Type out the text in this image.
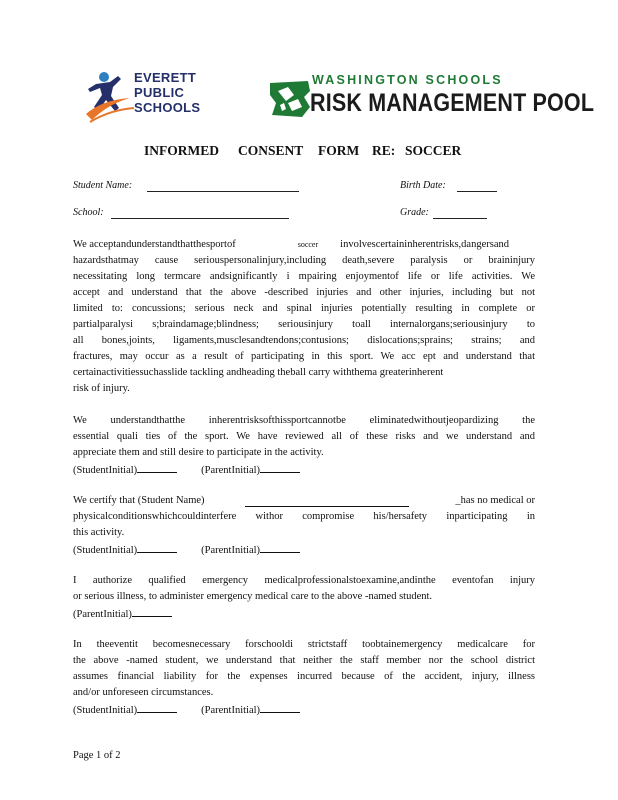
EVERETT
PUBLIC
SCHOOLS
WASHINGTON SCHOOLS
RISK MANAGEMENT POOL
INFORMED CONSENT FORM RE: SOCCER
Student Name:	Birth Date:
School:	Grade:

We acceptandunderstandthatthesportof	soccer involvescertaininherentrisks,dangersand

hazardsthatmay cause seriouspersonalinjury,including death,severe paralysis or braininjury

necessitating long termcare andsignificantly i mpairing enjoymentof life or life activities. We

accept and understand that the above -described injuries and other injuries, including but not

limited to: concussions; serious neck and spinal injuries potentially resulting in complete or

partialparalysi s;braindamage;blindness; seriousinjury toall internalorgans;seriousinjury to

all bones,joints, ligaments,musclesandtendons;contusions; dislocations;sprains; strains; and

fractures, may occur as a result of participating in this sport. We acc ept and understand that

certainactivitiessuchasslide tackling andheading theball carry withthema greaterinherent

risk of injury.

We understandthatthe inherentrisksofthissportcannotbe eliminatedwithoutjeopardizing the

essential quali ties of the sport. We have reviewed all of these risks and we understand and

appreciate them and still desire to participate in the activity.

(StudentInitial)	(ParentInitial)

We certify that (Student Name)	_has no medical or

physicalconditionswhichcouldinterfere withor compromise his/hersafety inparticipating in

this activity.

(StudentInitial)	(ParentInitial)

I authorize qualified emergency medicalprofessionalstoexamine,andinthe eventofan injury

or serious illness, to administer emergency medical care to the above -named student.

(ParentInitial)

In theeventit becomesnecessary forschooldi strictstaff toobtainemergency medicalcare for

the above -named student, we understand that neither the staff member nor the school district

assumes financial liability for the expenses incurred because of the accident, injury, illness

and/or unforeseen circumstances.

(StudentInitial)	(ParentInitial)

Page 1 of 2
